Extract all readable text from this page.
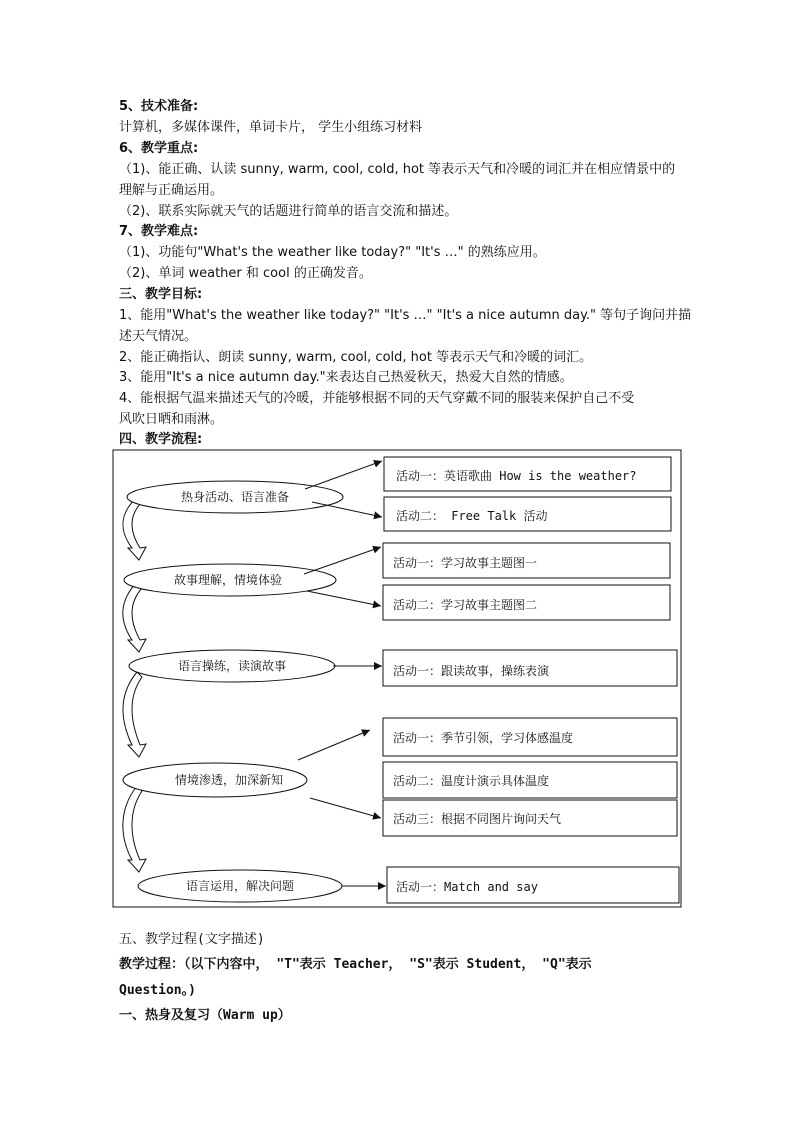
5、技术准备:
计算机，多媒体课件，单词卡片， 学生小组练习材料
6、教学重点:
（1)、能正确、认读 sunny, warm, cool, cold, hot 等表示天气和冷暖的词汇并在相应情景中的
理解与正确运用。
（2)、联系实际就天气的话题进行简单的语言交流和描述。
7、教学难点:
（1)、功能句"What's the weather like today?" "It's …" 的熟练应用。
（2)、单词 weather 和 cool 的正确发音。
三、教学目标:
1、能用"What's the weather like today?" "It's …" "It's a nice autumn day." 等句子询问并描
述天气情况。
2、能正确指认、朗读 sunny, warm, cool, cold, hot 等表示天气和冷暖的词汇。
3、能用"It's a nice autumn day."来表达自己热爱秋天，热爱大自然的情感。
4、能根据气温来描述天气的冷暖，并能够根据不同的天气穿戴不同的服装来保护自己不受
风吹日晒和雨淋。
四、教学流程:
热身活动、语言准备
故事理解，情境体验
语言操练，读演故事
情境渗透，加深新知
语言运用，解决问题
活动一：英语歌曲 How is the weather?
活动二： Free Talk 活动
活动一：学习故事主题图一
活动二：学习故事主题图二
活动一：跟读故事，操练表演
活动一：季节引领，学习体感温度
活动二：温度计演示具体温度
活动三：根据不同图片询问天气
活动一：Match and say
五、教学过程(文字描述)
教学过程：（以下内容中， "T"表示 Teacher， "S"表示 Student， "Q"表示
Question。)
一、热身及复习（Warm up）
